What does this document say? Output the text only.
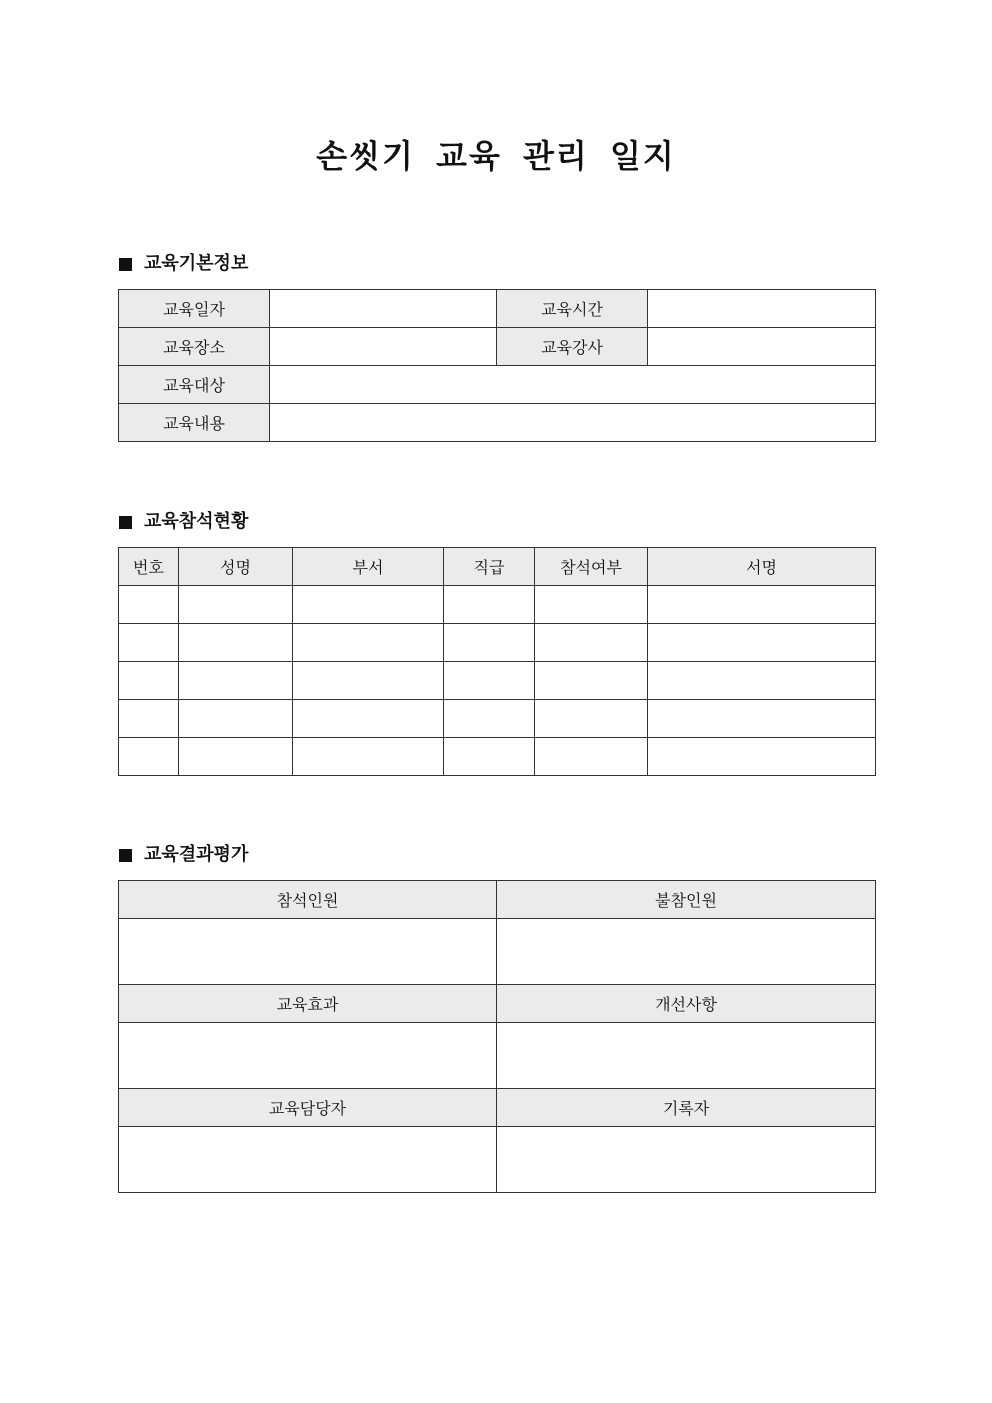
손씻기 교육 관리 일지
교육기본정보
교육일자		교육시간	
교육장소		교육강사	
교육대상			
교육내용			
교육참석현황
번호	성명	부서	직급	참석여부	서명

교육결과평가
참석인원	불참인원

교육효과	개선사항

교육담당자	기록자
